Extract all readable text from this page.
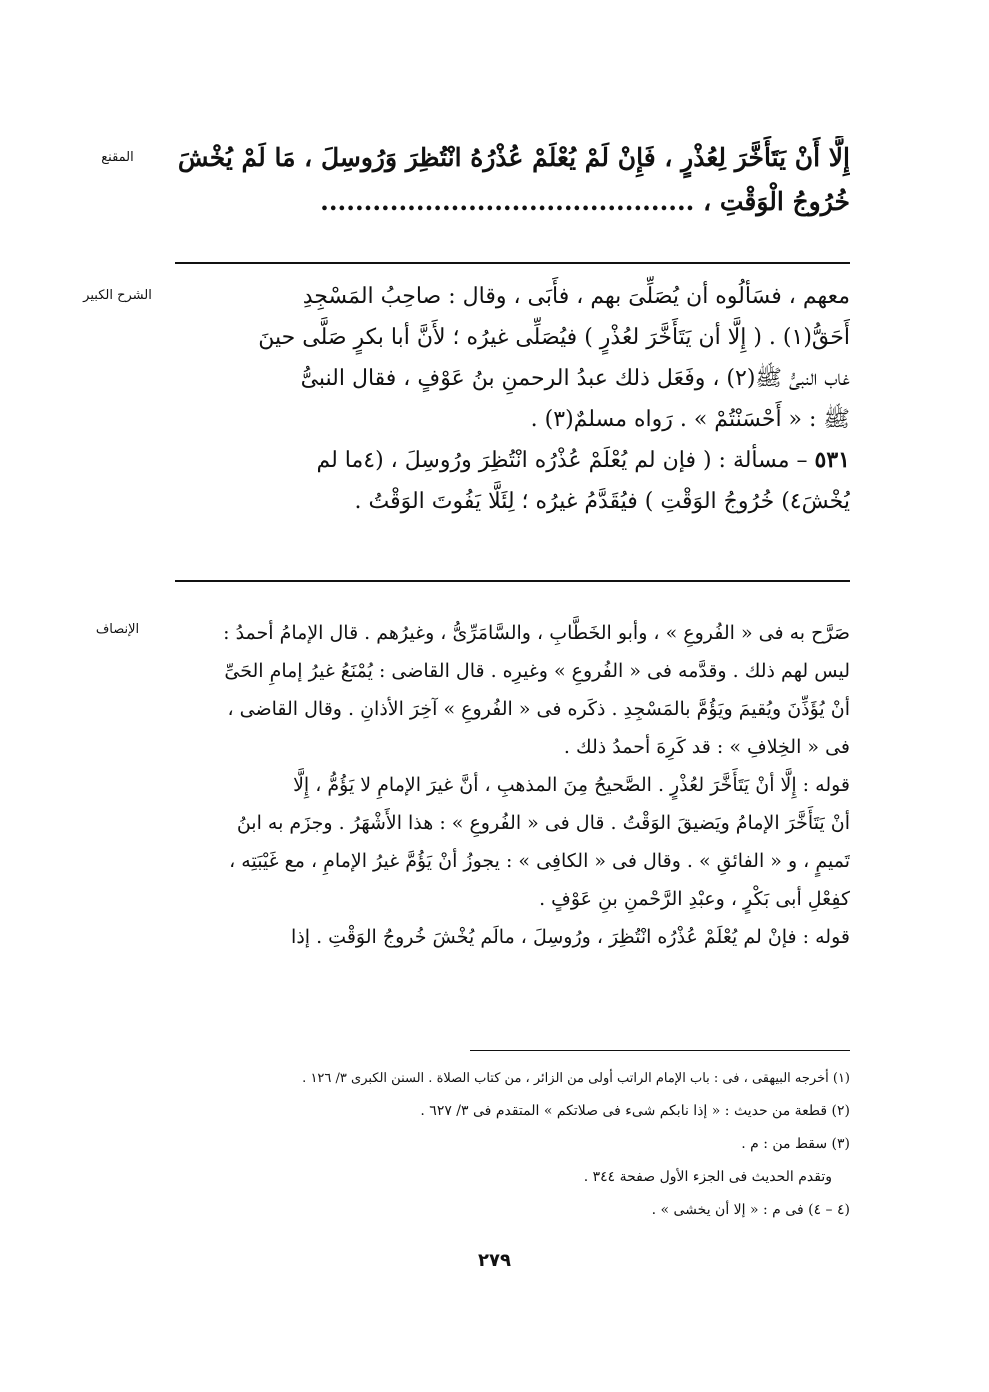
المقنع	إِلَّا أَنْ يَتَأَخَّرَ لِعُذْرٍ ، فَإِنْ لَمْ يُعْلَمْ عُذْرُهُ انْتُظِرَ وَرُوسِلَ ، مَا لَمْ يُخْشَ
خُرُوجُ الْوَقْتِ ، ...........................................
الشرح الكبير	معهم ، فسَألُوه أن يُصَلِّىَ بهم ، فأَبَى ، وقال : صاحِبُ المَسْجِدِ
أَحَقُّ(١) . ( إِلَّا أن يَتَأَخَّرَ لعُذْرٍ ) فيُصَلِّى غيرُه ؛ لأَنَّ أبا بكرٍ صَلَّى حينَ
غاب النبىُّ ﷺ(٢) ، وفَعَل ذلك عبدُ الرحمنِ بنُ عَوْفٍ ، فقال النبىُّ
ﷺ : « أَحْسَنْتُمْ » . رَواه مسلمٌ(٣) .
٥٣١ – مسألة : ( فإن لم يُعْلَمْ عُذْرُه انْتُظِرَ ورُوسِلَ ، (٤ما لم
يُخْشَ٤) خُرُوجُ الوَقْتِ ) فيُقَدَّمُ غيرُه ؛ لِئَلَّا يَفُوتَ الوَقْتُ .
الإنصاف	صَرَّح به فى « الفُروعِ » ، وأبو الخَطَّابِ ، والسَّامَرِّىُّ ، وغيرُهم . قال الإمامُ أحمدُ :
ليس لهم ذلك . وقدَّمه فى « الفُروعِ » وغيرِه . قال القاضى : يُمْنَعُ غيرُ إمامِ الحَىِّ
أنْ يُؤَذِّنَ ويُقيمَ ويَؤُمَّ بالمَسْجِدِ . ذكَره فى « الفُروعِ » آخِرَ الأذانِ . وقال القاضى ،
فى « الخِلافِ » : قد كَرِهَ أحمدُ ذلك .
قوله : إِلَّا أنْ يَتَأَخَّرَ لعُذْرٍ . الصَّحيحُ مِنَ المذهبِ ، أنَّ غيرَ الإمامِ لا يَؤُمُّ ، إِلَّا
أنْ يَتَأَخَّرَ الإمامُ ويَضيقَ الوَقْتُ . قال فى « الفُروعِ » : هذا الأَشْهَرُ . وجزَم به ابنُ
تَميمٍ ، و « الفائقِ » . وقال فى « الكافِى » : يجوزُ أنْ يَؤُمَّ غيرُ الإمامِ ، مع غَيْبَتِه ،
كفِعْلِ أبى بَكْرٍ ، وعبْدِ الرَّحْمنِ بنِ عَوْفٍ .
قوله : فإنْ لم يُعْلَمْ عُذْرُه انْتُظِرَ ، ورُوسِلَ ، مالَم يُخْشَ خُروجُ الوَقْتِ . إذا
(١) أخرجه البيهقى ، فى : باب الإمام الراتب أولى من الزائر ، من كتاب الصلاة . السنن الكبرى ٣/ ١٢٦ .
(٢) قطعة من حديث : « إذا نابكم شىء فى صلاتكم » المتقدم فى ٣/ ٦٢٧ .
(٣) سقط من : م .
وتقدم الحديث فى الجزء الأول صفحة ٣٤٤ .
(٤ – ٤) فى م : « إلا أن يخشى » .
٢٧٩
